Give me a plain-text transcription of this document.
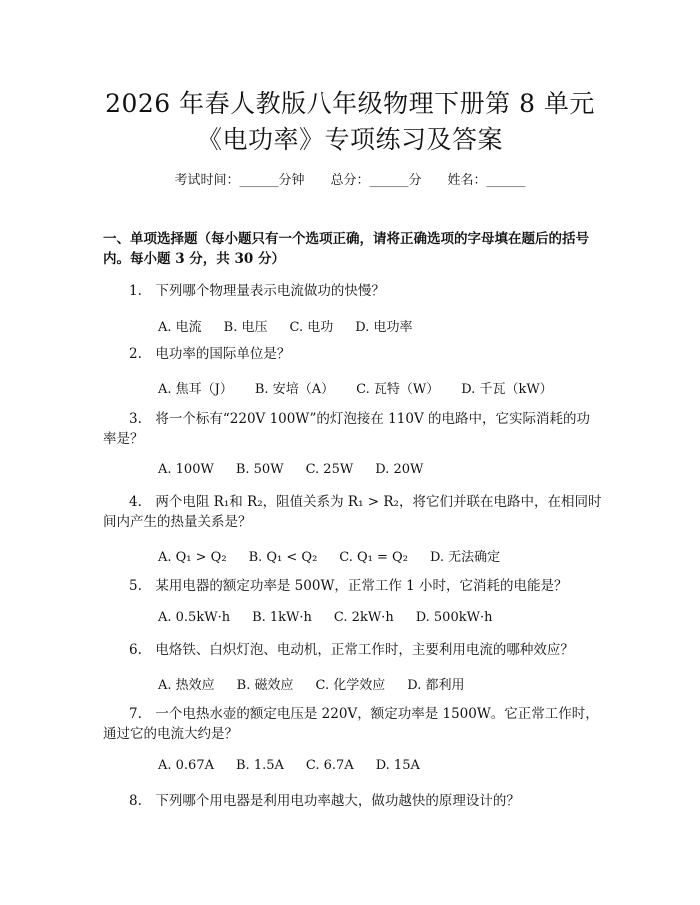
2026 年春人教版八年级物理下册第 8 单元
《电功率》专项练习及答案
考试时间：______分钟 总分：______分 姓名：______
一、单项选择题（每小题只有一个选项正确，请将正确选项的字母填在题后的括号内。每小题 3 分，共 30 分）
1.　下列哪个物理量表示电流做功的快慢？
A. 电流 B. 电压 C. 电功 D. 电功率
2.　电功率的国际单位是？
A. 焦耳（J） B. 安培（A） C. 瓦特（W） D. 千瓦（kW）
3.　将一个标有“220V 100W”的灯泡接在 110V 的电路中，它实际消耗的功率是？
A. 100W B. 50W C. 25W D. 20W
4.　两个电阻 R₁和 R₂，阻值关系为 R₁ > R₂，将它们并联在电路中，在相同时间内产生的热量关系是？
A. Q₁ > Q₂ B. Q₁ < Q₂ C. Q₁ = Q₂ D. 无法确定
5.　某用电器的额定功率是 500W，正常工作 1 小时，它消耗的电能是？
A. 0.5kW·h B. 1kW·h C. 2kW·h D. 500kW·h
6.　电烙铁、白炽灯泡、电动机，正常工作时，主要利用电流的哪种效应？
A. 热效应 B. 磁效应 C. 化学效应 D. 都利用
7.　一个电热水壶的额定电压是 220V，额定功率是 1500W。它正常工作时，通过它的电流大约是？
A. 0.67A B. 1.5A C. 6.7A D. 15A
8.　下列哪个用电器是利用电功率越大，做功越快的原理设计的？
